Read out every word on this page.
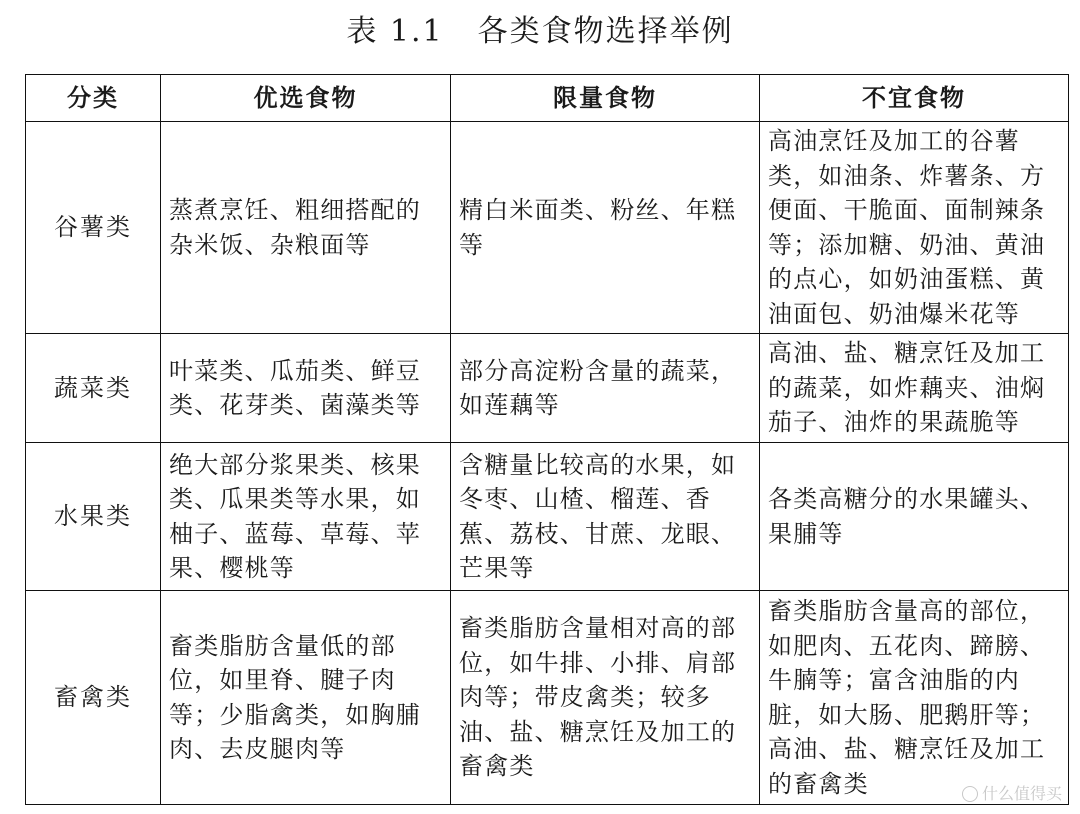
表 1.1 各类食物选择举例
分类	优选食物	限量食物	不宜食物
谷薯类	蒸煮烹饪、粗细搭配的杂米饭、杂粮面等	精白米面类、粉丝、年糕等	高油烹饪及加工的谷薯类，如油条、炸薯条、方便面、干脆面、面制辣条等；添加糖、奶油、黄油的点心，如奶油蛋糕、黄油面包、奶油爆米花等
蔬菜类	叶菜类、瓜茄类、鲜豆类、花芽类、菌藻类等	部分高淀粉含量的蔬菜，如莲藕等	高油、盐、糖烹饪及加工的蔬菜，如炸藕夹、油焖茄子、油炸的果蔬脆等
水果类	绝大部分浆果类、核果类、瓜果类等水果，如柚子、蓝莓、草莓、苹果、樱桃等	含糖量比较高的水果，如冬枣、山楂、榴莲、香蕉、荔枝、甘蔗、龙眼、芒果等	各类高糖分的水果罐头、果脯等
畜禽类	畜类脂肪含量低的部位，如里脊、腱子肉等；少脂禽类，如胸脯肉、去皮腿肉等	畜类脂肪含量相对高的部位，如牛排、小排、肩部肉等；带皮禽类；较多油、盐、糖烹饪及加工的畜禽类	畜类脂肪含量高的部位，如肥肉、五花肉、蹄膀、牛腩等；富含油脂的内脏，如大肠、肥鹅肝等；高油、盐、糖烹饪及加工的畜禽类	什么值得买
